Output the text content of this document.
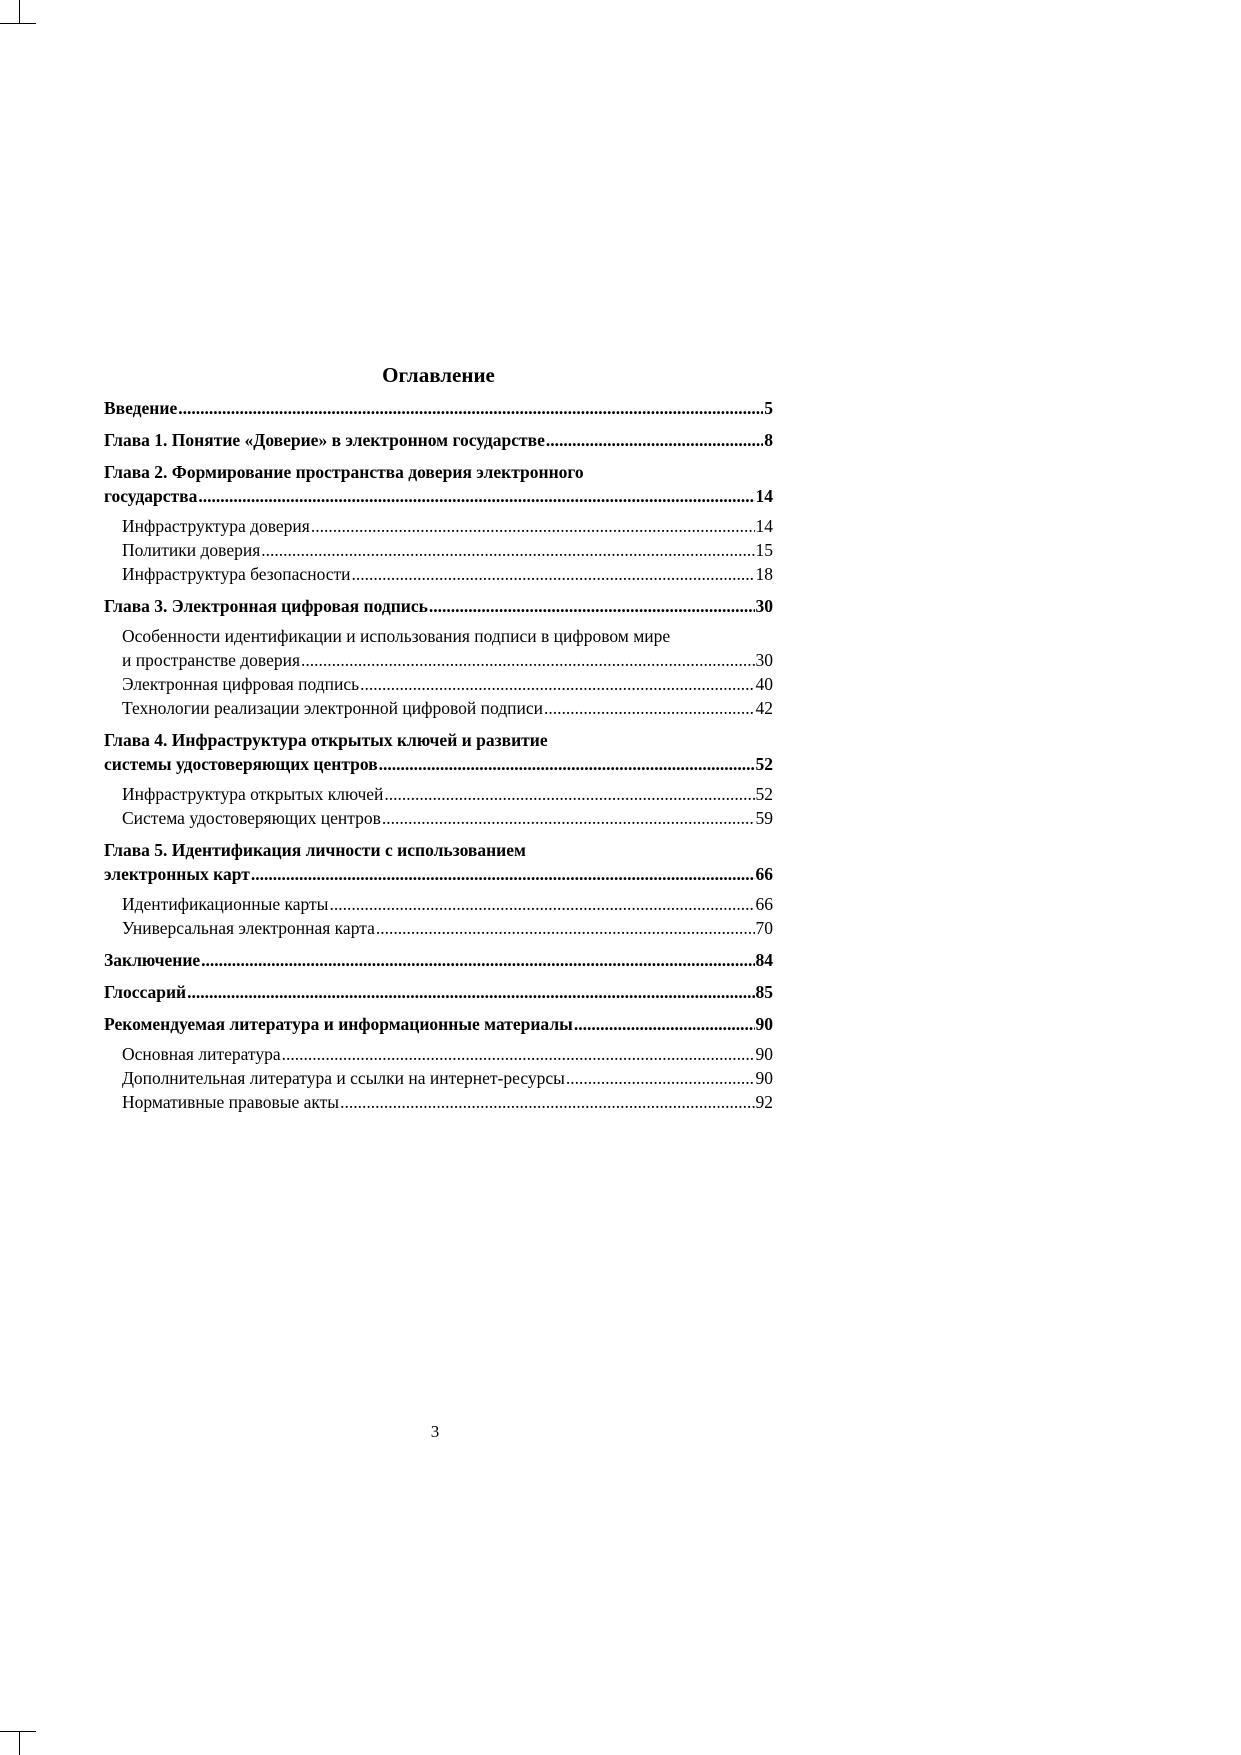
Оглавление
Введение .....	5
Глава 1. Понятие «Доверие» в электронном государстве .....	8
Глава 2. Формирование пространства доверия электронного
государства .....	14
Инфраструктура доверия .....	14
Политики доверия .....	15
Инфраструктура безопасности .....	18
Глава 3. Электронная цифровая подпись .....	30
Особенности идентификации и использования подписи в цифровом мире
и пространстве доверия .....	30
Электронная цифровая подпись .....	40
Технологии реализации электронной цифровой подписи .....	42
Глава 4. Инфраструктура открытых ключей и развитие
системы удостоверяющих центров .....	52
Инфраструктура открытых ключей .....	52
Система удостоверяющих центров .....	59
Глава 5. Идентификация личности с использованием
электронных карт .....	66
Идентификационные карты .....	66
Универсальная электронная карта .....	70
Заключение .....	84
Глоссарий .....	85
Рекомендуемая литература и информационные материалы .....	90
Основная литература .....	90
Дополнительная литература и ссылки на интернет-ресурсы .....	90
Нормативные правовые акты .....	92
3
